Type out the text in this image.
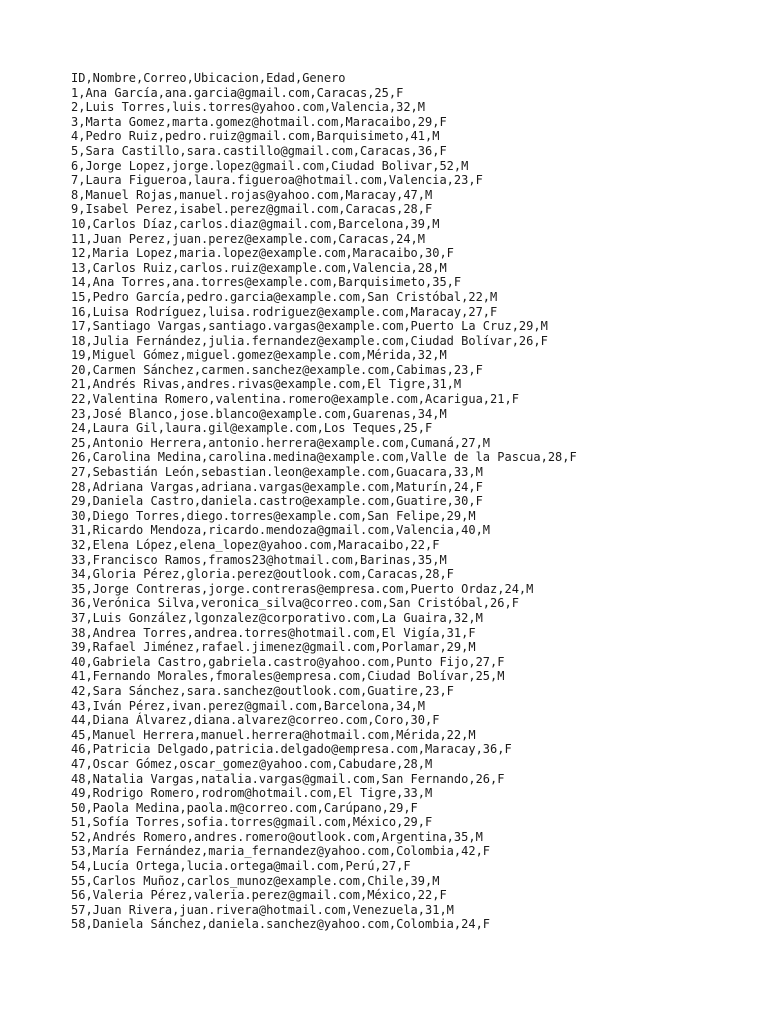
ID,Nombre,Correo,Ubicacion,Edad,Genero
1,Ana García,ana.garcia@gmail.com,Caracas,25,F
2,Luis Torres,luis.torres@yahoo.com,Valencia,32,M
3,Marta Gomez,marta.gomez@hotmail.com,Maracaibo,29,F
4,Pedro Ruiz,pedro.ruiz@gmail.com,Barquisimeto,41,M
5,Sara Castillo,sara.castillo@gmail.com,Caracas,36,F
6,Jorge Lopez,jorge.lopez@gmail.com,Ciudad Bolivar,52,M
7,Laura Figueroa,laura.figueroa@hotmail.com,Valencia,23,F
8,Manuel Rojas,manuel.rojas@yahoo.com,Maracay,47,M
9,Isabel Perez,isabel.perez@gmail.com,Caracas,28,F
10,Carlos Díaz,carlos.diaz@gmail.com,Barcelona,39,M
11,Juan Perez,juan.perez@example.com,Caracas,24,M
12,Maria Lopez,maria.lopez@example.com,Maracaibo,30,F
13,Carlos Ruiz,carlos.ruiz@example.com,Valencia,28,M
14,Ana Torres,ana.torres@example.com,Barquisimeto,35,F
15,Pedro García,pedro.garcia@example.com,San Cristóbal,22,M
16,Luisa Rodríguez,luisa.rodriguez@example.com,Maracay,27,F
17,Santiago Vargas,santiago.vargas@example.com,Puerto La Cruz,29,M
18,Julia Fernández,julia.fernandez@example.com,Ciudad Bolívar,26,F
19,Miguel Gómez,miguel.gomez@example.com,Mérida,32,M
20,Carmen Sánchez,carmen.sanchez@example.com,Cabimas,23,F
21,Andrés Rivas,andres.rivas@example.com,El Tigre,31,M
22,Valentina Romero,valentina.romero@example.com,Acarigua,21,F
23,José Blanco,jose.blanco@example.com,Guarenas,34,M
24,Laura Gil,laura.gil@example.com,Los Teques,25,F
25,Antonio Herrera,antonio.herrera@example.com,Cumaná,27,M
26,Carolina Medina,carolina.medina@example.com,Valle de la Pascua,28,F
27,Sebastián León,sebastian.leon@example.com,Guacara,33,M
28,Adriana Vargas,adriana.vargas@example.com,Maturín,24,F
29,Daniela Castro,daniela.castro@example.com,Guatire,30,F
30,Diego Torres,diego.torres@example.com,San Felipe,29,M
31,Ricardo Mendoza,ricardo.mendoza@gmail.com,Valencia,40,M
32,Elena López,elena_lopez@yahoo.com,Maracaibo,22,F
33,Francisco Ramos,framos23@hotmail.com,Barinas,35,M
34,Gloria Pérez,gloria.perez@outlook.com,Caracas,28,F
35,Jorge Contreras,jorge.contreras@empresa.com,Puerto Ordaz,24,M
36,Verónica Silva,veronica_silva@correo.com,San Cristóbal,26,F
37,Luis González,lgonzalez@corporativo.com,La Guaira,32,M
38,Andrea Torres,andrea.torres@hotmail.com,El Vigía,31,F
39,Rafael Jiménez,rafael.jimenez@gmail.com,Porlamar,29,M
40,Gabriela Castro,gabriela.castro@yahoo.com,Punto Fijo,27,F
41,Fernando Morales,fmorales@empresa.com,Ciudad Bolívar,25,M
42,Sara Sánchez,sara.sanchez@outlook.com,Guatire,23,F
43,Iván Pérez,ivan.perez@gmail.com,Barcelona,34,M
44,Diana Álvarez,diana.alvarez@correo.com,Coro,30,F
45,Manuel Herrera,manuel.herrera@hotmail.com,Mérida,22,M
46,Patricia Delgado,patricia.delgado@empresa.com,Maracay,36,F
47,Oscar Gómez,oscar_gomez@yahoo.com,Cabudare,28,M
48,Natalia Vargas,natalia.vargas@gmail.com,San Fernando,26,F
49,Rodrigo Romero,rodrom@hotmail.com,El Tigre,33,M
50,Paola Medina,paola.m@correo.com,Carúpano,29,F
51,Sofía Torres,sofia.torres@gmail.com,México,29,F
52,Andrés Romero,andres.romero@outlook.com,Argentina,35,M
53,María Fernández,maria_fernandez@yahoo.com,Colombia,42,F
54,Lucía Ortega,lucia.ortega@mail.com,Perú,27,F
55,Carlos Muñoz,carlos_munoz@example.com,Chile,39,M
56,Valeria Pérez,valeria.perez@gmail.com,México,22,F
57,Juan Rivera,juan.rivera@hotmail.com,Venezuela,31,M
58,Daniela Sánchez,daniela.sanchez@yahoo.com,Colombia,24,F
